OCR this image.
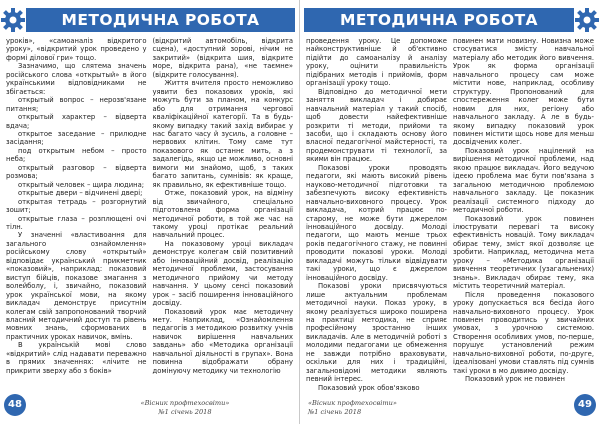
МЕТОДИЧНА РОБОТА

уроків», «самоаналіз відкритого уроку», «відкритий урок проведено у формі ділової гри» тощо.

Зазначимо, що слятема значень російського слова «открытый» в його українськими відповідниками не збігається:

открытый вопрос – нерозв'язане питання;

открытый характер – відверта вдача;

открытое заседание – прилюдне засідання;

под открытым небом – просто неба;

открытый разговор – відверта розмова;

открытый человек – щира людина;

открытые двери – відчинені двері;

открытая тетрадь – розгорнутий зошит;

открытые глаза – розплющені очі тілн.

У значенні «властивоання для загального ознайомлення» російському слову «открытый» відповідає український прикметник «показовий», наприклад: показовий виступ бійців, показове змагання з волейболу, і, звичайно, показовий урок української мови, на якому викладач демонструє присутнім колегам свій запропонований творчий власний методичний доступ та рівень мовних знань, сформованих в практичних уроках навичок, вмінь.

В українській мові слово «відкритий» слід надавати переважно в прямих значеннях: «лічите не прикрити зверху або з боків»

(відкритий автомобіль, відкрита сцена), «доступний зорові, нічим не закритий» (відкрита шия, відкрите море, відкрита рана), «не таємне» (відкрите голосування).

Життя вчителя просто неможливо уявити без показових уроків, які можуть бути за планом, на конкурс або для отримання чергової кваліфікаційної категорії. Та в будь-якому випадку такий захід вибирає у нас багато часу й зусиль, а головне – нервових клітин. Тому саме тут показового як останнє мить, а з задалегідь, якщо це можливо, основні вимоги ми знайомо, щоб, з таких багато запитань, сумнівів: як краще, як правильно, як ефективніше тощо.

Отже, показовий урок, на відміну від звичайного, спеціально підготовлена форма організації методичної роботи, в той же час на такому уроці протікає реальний навчальний процес.

На показовому уроці викладач демонструє колегам свій позитивний або інноваційний досвід, реалізацію методичної проблеми, застосування методичного прийому чи методу навчання. У цьому сенсі показовий урок – засіб поширення інноваційного досвіду.

Показовий урок має методичну мету. Наприклад, «Ознайомлення педагогів з методикою розвитку учнів навичок вирішення навчальних завдань» або «Методика організації навчальної діяльності в групах». Вона повинна відображати обрану домінуючу методику чи технологію

48	«Вісник профтехосвіти»
№1 січень 2018
МЕТОДИЧНА РОБОТА

проведення уроку. Це допоможе найконструктивніше й об'єктивно підійти до самоаналізу й аналізу уроку, оцінити правильність підібраних методів і прийомів, форм організації уроку тощо.

Відповідно до методичної мети заняття викладач і добирає навчальний матеріал у такий спосіб, щоб довести найефективніше розкрити ті методи, прийоми та засоби, що і складають основу його власної педагогічної майстерності, та продемонструвати ті технології, за якими він працює.

Показові уроки проводять педагоги, які мають високий рівень науково-методичної підготовки та забезпечують високу ефективність навчально-виховного процесу. Урок викладача, котрий працює по-старому, не може бути джерелом інноваційного досвіду. Молоді педагоги, що мають менше трьох років педагогічного стажу, не повинні проводити показові уроки. Молоді викладачі можуть тільки відвідувати такі уроки, що є джерелом інноваційного досвіду.

Показові уроки присвячуються лише актуальним проблемам методичної науки. Показ уроку, в якому реалізується широко поширена на практиці методика, не сприяє професійному зростанню інших викладачів. Але в методичній роботі з молодими педагогами це обмеження не завжди потрібно враховувати, оскільки для них і традиційні, загальновідомі методики являють певний інтерес.

Показовий урок обов'язково

повинен мати новизну. Новизна може стосуватися змісту навчальної матеріалу або методик його вивчення. Урок як форма організації навчального процесу сам може містити нове, наприклад, особливу структуру. Пропонований для спостереження колег може бути новим для них, регіону або навчального закладу. А ле в будь-якому випадку показовий урок повинен містити щось нове для меньш досвідчених колег.

Показовий урок націлений на вирішення методичної проблеми, над якою працює викладач. Його ведучою ідеєю проблема має бути пов'язана з загальною методичною проблемою навчального закладу. Це показник реалізації системного підходу до методичної роботи.

Показовий урок повинен ілюструвати перевагі та високу ефективність новацій. Тому викладач обирає тему, зміст якої дозволяє це зробити. Наприклад, методична мета уроку – «Методика організації вивчення теоретичних (узагальнених) знань». Викладач обирає тему, яка містить теоретичний матеріал.

Після проведення показового уроку допускається вся бесіда його навчально-виховного процесу. Урок повинен проводитись у звичайних умовах, з урочною системою. Створення особливих умов, по-перше, порушує установлений режим навчально-виховної роботи, по-друге, ідеалізовані умови ставлять під сумнів такі уроки в мо дивимо досвіду.

Показовий урок не повинен

«Вісник профтехосвіти»
№1 січень 2018
49
